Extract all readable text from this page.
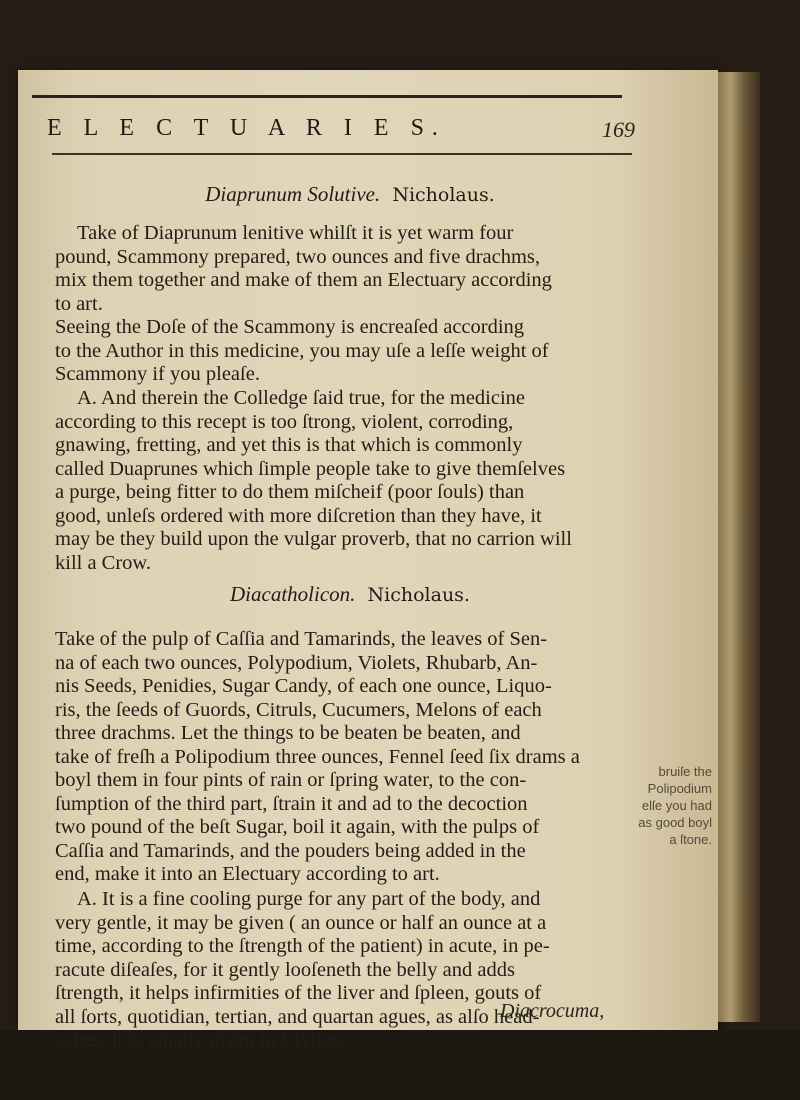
E L E C T U A R I E S.	169
Diaprunum Solutive. Nicholaus.
Take of Diaprunum lenitive whilſt it is yet warm four
pound, Scammony prepared, two ounces and five drachms,
mix them together and make of them an Electuary according
to art.
Seeing the Doſe of the Scammony is encreaſed according
to the Author in this medicine, you may uſe a leſſe weight of
Scammony if you pleaſe.
A. And therein the Colledge ſaid true, for the medicine
according to this recept is too ſtrong, violent, corroding,
gnawing, fretting, and yet this is that which is commonly
called Duaprunes which ſimple people take to give themſelves
a purge, being fitter to do them miſcheif (poor ſouls) than
good, unleſs ordered with more diſcretion than they have, it
may be they build upon the vulgar proverb, that no carrion will
kill a Crow.
Diacatholicon. Nicholaus.
Take of the pulp of Caſſia and Tamarinds, the leaves of Sen-
na of each two ounces, Polypodium, Violets, Rhubarb, An-
nis Seeds, Penidies, Sugar Candy, of each one ounce, Liquo-
ris, the ſeeds of Guords, Citruls, Cucumers, Melons of each
three drachms. Let the things to be beaten be beaten, and
take of freſh a Polipodium three ounces, Fennel ſeed ſix drams a
boyl them in four pints of rain or ſpring water, to the con-
ſumption of the third part, ſtrain it and ad to the decoction
two pound of the beſt Sugar, boil it again, with the pulps of
Caſſia and Tamarinds, and the pouders being added in the
end, make it into an Electuary according to art.
bruiſe the
Polipodium
elſe you had
as good boyl
a ſtone.
A. It is a fine cooling purge for any part of the body, and
very gentle, it may be given ( an ounce or half an ounce at a
time, according to the ſtrength of the patient) in acute, in pe-
racute diſeaſes, for it gently looſeneth the belly and adds
ſtrength, it helps infirmities of the liver and ſpleen, gouts of
all ſorts, quotidian, tertian, and quartan agues, as alſo head-
aches. It is uſually given in Clyſters.
Diacrocuma,
